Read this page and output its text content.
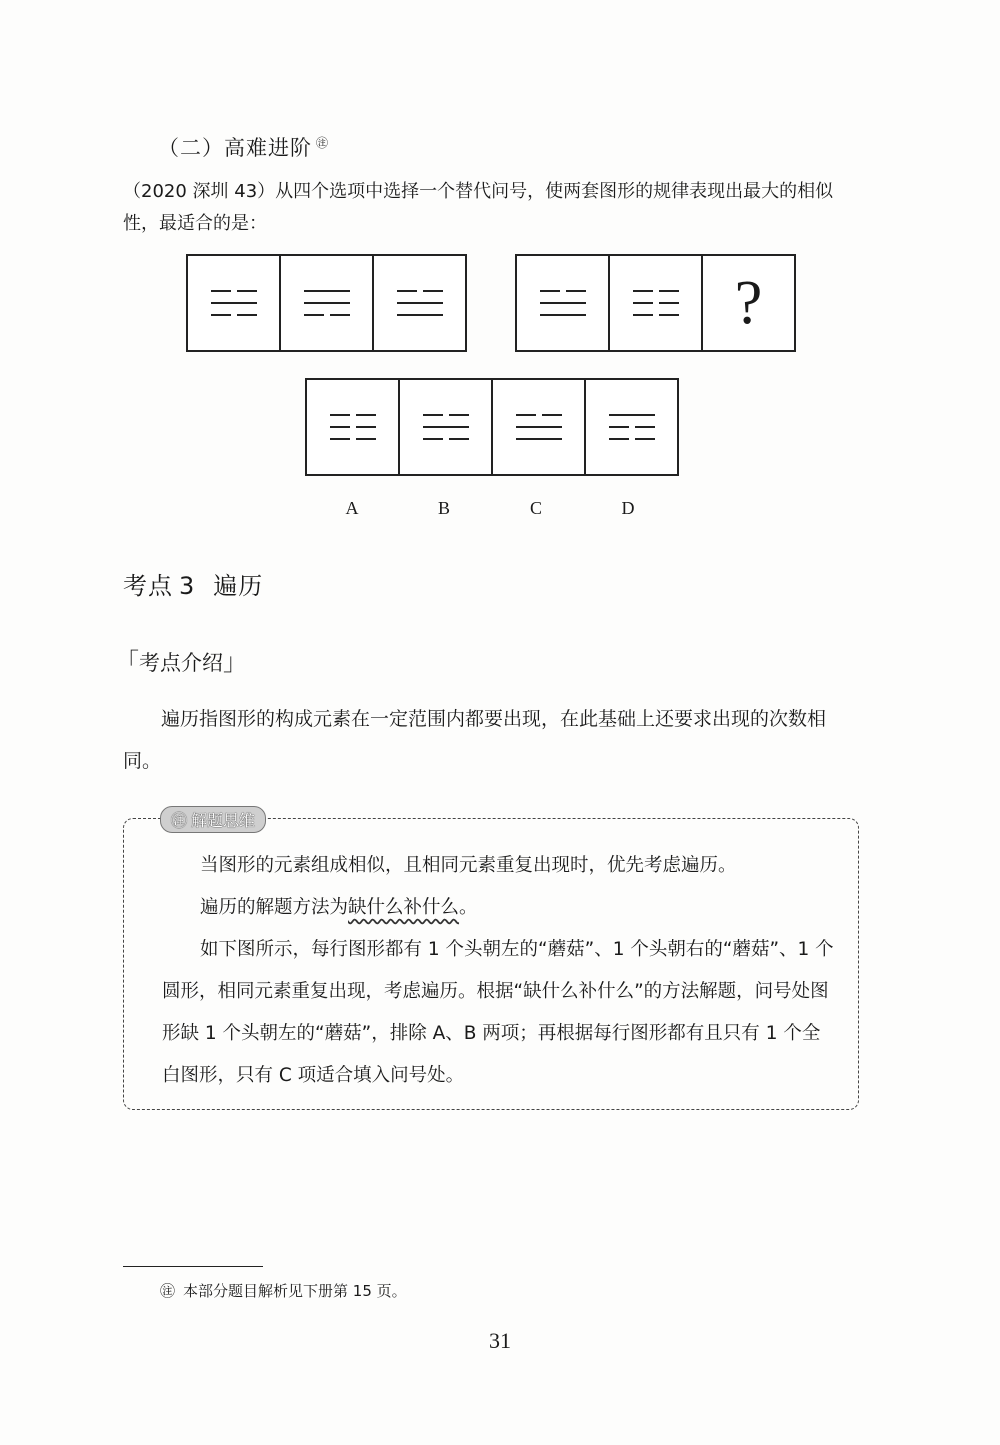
（二）高难进阶 ㊟
（2020 深圳 43）从四个选项中选择一个替代问号，使两套图形的规律表现出最大的相似性，最适合的是：
?
A	B	C	D
考点 3 遍历
「考点介绍」
遍历指图形的构成元素在一定范围内都要出现，在此基础上还要求出现的次数相同。
㊟ 解题思维
当图形的元素组成相似，且相同元素重复出现时，优先考虑遍历。
遍历的解题方法为缺什么补什么。
如下图所示，每行图形都有 1 个头朝左的“蘑菇”、1 个头朝右的“蘑菇”、1 个圆形，相同元素重复出现，考虑遍历。根据“缺什么补什么”的方法解题，问号处图形缺 1 个头朝左的“蘑菇”，排除 A、B 两项；再根据每行图形都有且只有 1 个全白图形，只有 C 项适合填入问号处。
㊟ 本部分题目解析见下册第 15 页。
31
